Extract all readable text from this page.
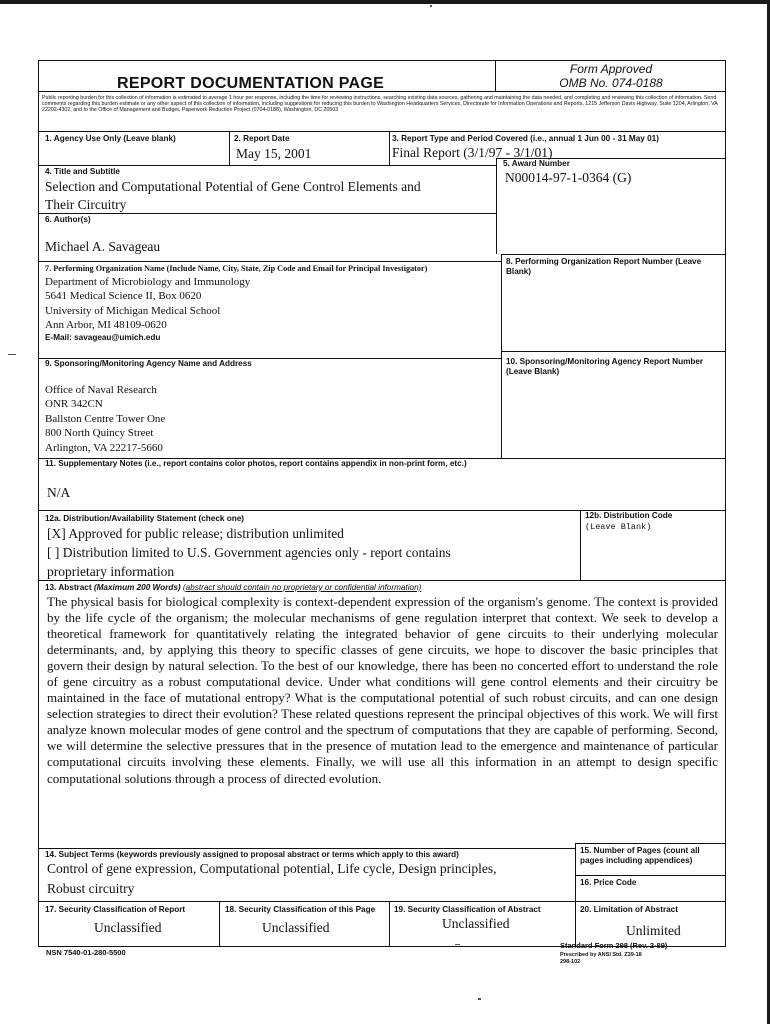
REPORT DOCUMENTATION PAGE
Form Approved
OMB No. 074-0188
Public reporting burden for this collection of information is estimated to average 1 hour per response, including the time for reviewing instructions, searching existing data sources, gathering and maintaining the data needed, and completing and reviewing this collection of information. Send comments regarding this burden estimate or any other aspect of this collection of information, including suggestions for reducing this burden to Washington Headquarters Services, Directorate for Information Operations and Reports, 1215 Jefferson Davis Highway, Suite 1204, Arlington, VA 22202-4302, and to the Office of Management and Budget, Paperwork Reduction Project (0704-0188), Washington, DC 20503
1. Agency Use Only (Leave blank)	2. Report Date
May 15, 2001
3. Report Type and Period Covered (i.e., annual 1 Jun 00 - 31 May 01)
Final Report (3/1/97 - 3/1/01)
4. Title and Subtitle
Selection and Computational Potential of Gene Control Elements and
Their Circuitry
5. Award Number
N00014-97-1-0364 (G)
6. Author(s)
Michael A. Savageau
7. Performing Organization Name (Include Name, City, State, Zip Code and Email for Principal Investigator)
Department of Microbiology and Immunology
5641 Medical Science II, Box 0620
University of Michigan Medical School
Ann Arbor, MI 48109-0620
E-Mail: savageau@umich.edu
8. Performing Organization Report Number (Leave Blank)
9. Sponsoring/Monitoring Agency Name and Address
Office of Naval Research
ONR 342CN
Ballston Centre Tower One
800 North Quincy Street
Arlington, VA 22217-5660
10. Sponsoring/Monitoring Agency Report Number (Leave Blank)
11. Supplementary Notes (i.e., report contains color photos, report contains appendix in non-print form, etc.)
N/A
12a. Distribution/Availability Statement (check one)
[X] Approved for public release; distribution unlimited
[ ] Distribution limited to U.S. Government agencies only - report contains
proprietary information
12b. Distribution Code
(Leave Blank)
13. Abstract (Maximum 200 Words) (abstract should contain no proprietary or confidential information)

The physical basis for biological complexity is context-dependent expression of the organism's genome. The context is provided by the life cycle of the organism; the molecular mechanisms of gene regulation interpret that context. We seek to develop a theoretical framework for quantitatively relating the integrated behavior of gene circuits to their underlying molecular determinants, and, by applying this theory to specific classes of gene circuits, we hope to discover the basic principles that govern their design by natural selection. To the best of our knowledge, there has been no concerted effort to understand the role of gene circuitry as a robust computational device. Under what conditions will gene control elements and their circuitry be maintained in the face of mutational entropy? What is the computational potential of such robust circuits, and can one design selection strategies to direct their evolution? These related questions represent the principal objectives of this work. We will first analyze known molecular modes of gene control and the spectrum of computations that they are capable of performing. Second, we will determine the selective pressures that in the presence of mutation lead to the emergence and maintenance of particular computational circuits involving these elements. Finally, we will use all this information in an attempt to design specific computational solutions through a process of directed evolution.

14. Subject Terms (keywords previously assigned to proposal abstract or terms which apply to this award)
Control of gene expression, Computational potential, Life cycle, Design principles,
Robust circuitry
15. Number of Pages (count all pages including appendices)
16. Price Code
17. Security Classification of Report
Unclassified
18. Security Classification of this Page
Unclassified
19. Security Classification of Abstract
Unclassified
20. Limitation of Abstract
Unlimited
NSN 7540-01-280-5500
Standard Form 298 (Rev. 2-89)
Prescribed by ANSI Std. Z39-18
298-102
